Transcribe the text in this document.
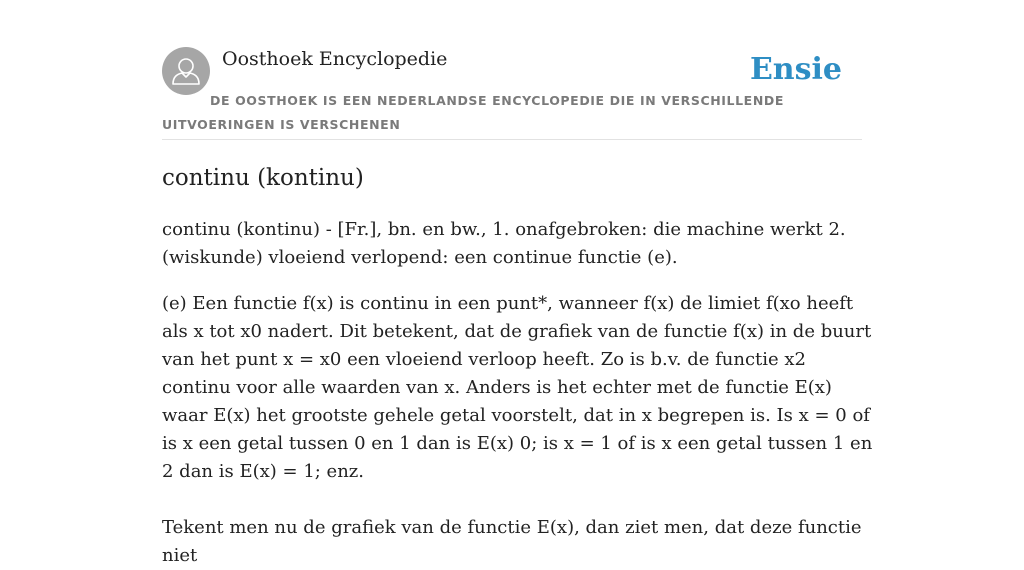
Oosthoek Encyclopedie	Ensie
DE OOSTHOEK IS EEN NEDERLANDSE ENCYCLOPEDIE DIE IN VERSCHILLENDE UITVOERINGEN IS VERSCHENEN
continu (kontinu)

continu (kontinu) - [Fr.], bn. en bw., 1. onafgebroken: die machine werkt 2. (wiskunde) vloeiend verlopend: een continue functie (e).

(e) Een functie f(x) is continu in een punt*, wanneer f(x) de limiet f(xo heeft als x tot x0 nadert. Dit betekent, dat de grafiek van de functie f(x) in de buurt van het punt x = x0 een vloeiend verloop heeft. Zo is b.v. de functie x2 continu voor alle waarden van x. Anders is het echter met de functie E(x) waar E(x) het grootste gehele getal voorstelt, dat in x begrepen is. Is x = 0 of is x een getal tussen 0 en 1 dan is E(x) 0; is x = 1 of is x een getal tussen 1 en 2 dan is E(x) = 1; enz.

Tekent men nu de grafiek van de functie E(x), dan ziet men, dat deze functie niet
